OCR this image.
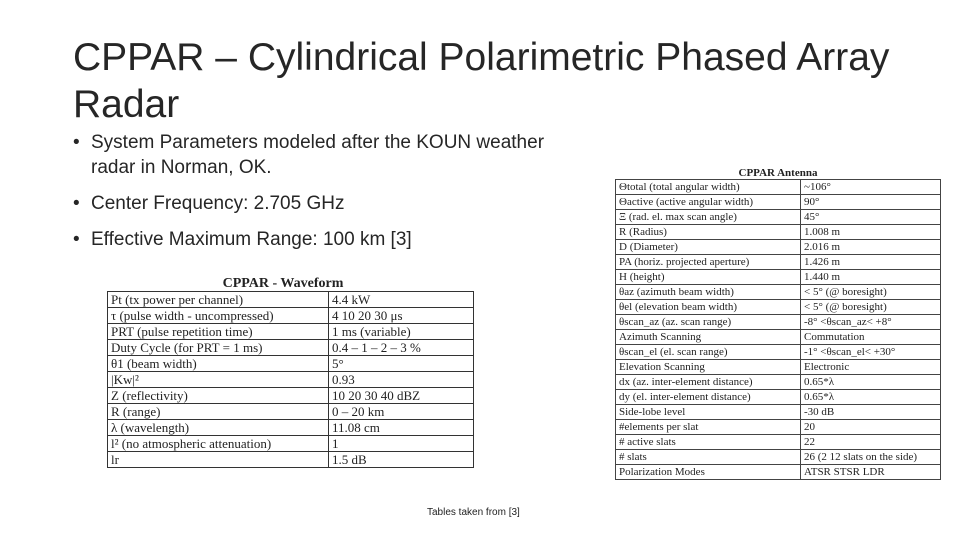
CPPAR – Cylindrical Polarimetric Phased Array Radar
• System Parameters modeled after the KOUN weather radar in Norman, OK.
• Center Frequency: 2.705 GHz
• Effective Maximum Range: 100 km [3]
CPPAR - Waveform
Pt (tx power per channel)	4.4 kW
τ (pulse width - uncompressed)	4 10 20 30 μs
PRT (pulse repetition time)	1 ms (variable)
Duty Cycle (for PRT = 1 ms)	0.4 – 1 – 2 – 3 %
θ1 (beam width)	5°
|Kw|²	0.93
Z (reflectivity)	10 20 30 40 dBZ
R (range)	0 – 20 km
λ (wavelength)	11.08 cm
l² (no atmospheric attenuation)	1
lr	1.5 dB
CPPAR Antenna
Θtotal (total angular width)	~106°
Θactive (active angular width)	90°
Ξ (rad. el. max scan angle)	45°
R (Radius)	1.008 m
D (Diameter)	2.016 m
PA (horiz. projected aperture)	1.426 m
H (height)	1.440 m
θaz (azimuth beam width)	< 5° (@ boresight)
θel (elevation beam width)	< 5° (@ boresight)
θscan_az (az. scan range)	-8° <θscan_az< +8°
Azimuth Scanning	Commutation
θscan_el (el. scan range)	-1° <θscan_el< +30°
Elevation Scanning	Electronic
dx (az. inter-element distance)	0.65*λ
dy (el. inter-element distance)	0.65*λ
Side-lobe level	-30 dB
#elements per slat	20
# active slats	22
# slats	26 (2 12 slats on the side)
Polarization Modes	ATSR STSR LDR
Tables taken from [3]
